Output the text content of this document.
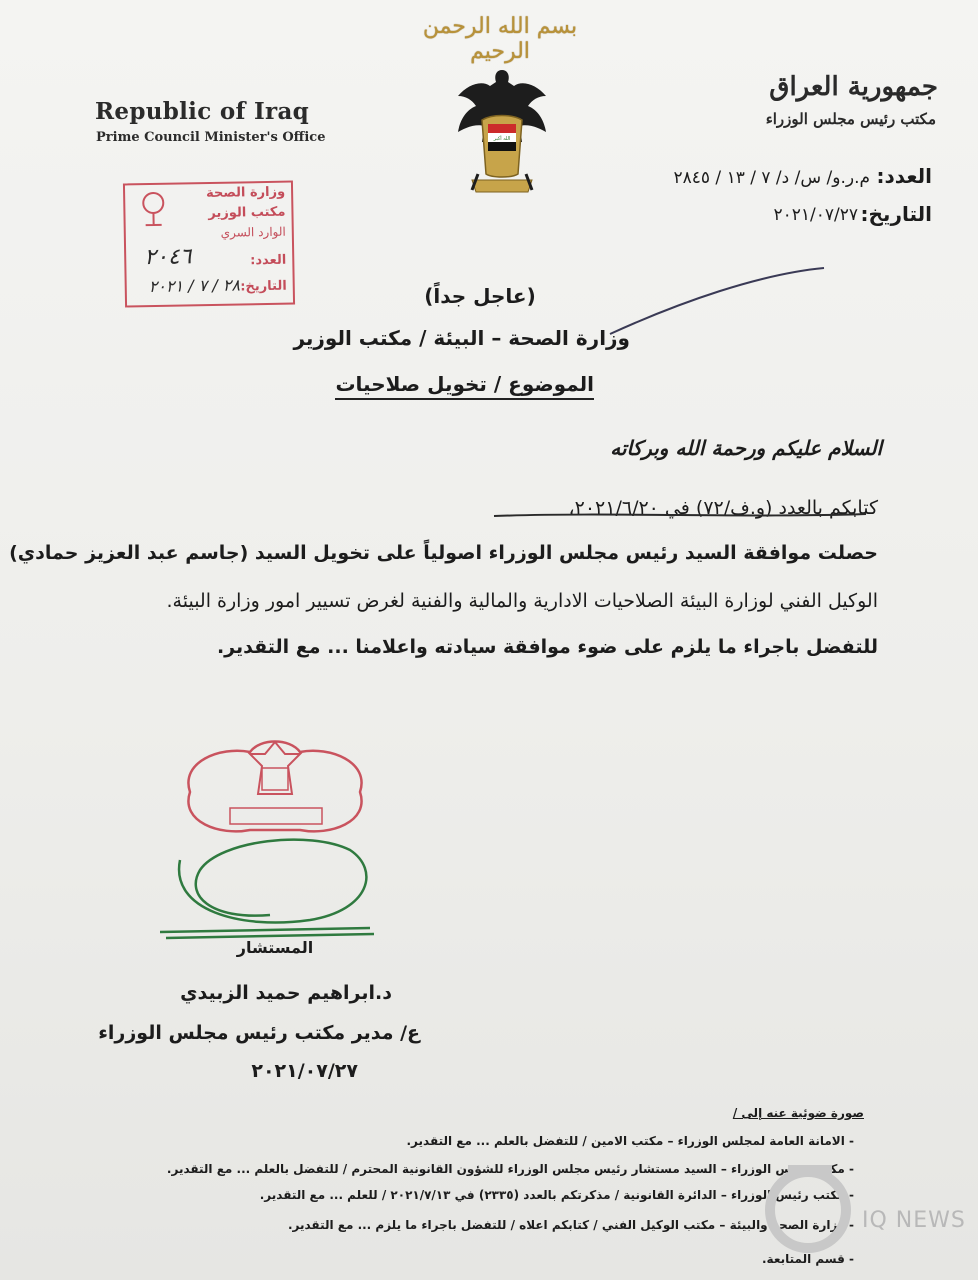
بسم الله الرحمن الرحيم
Republic of Iraq
Prime Council Minister's Office
جمهورية العراق
مكتب رئيس مجلس الوزراء
الله أكبر
العدد:
م.ر.و/ س/ د/ ٧ / ١٣ / ٢٨٤٥
التاريخ:
٢٠٢١/٠٧/٢٧
وزارة الصحة
مكتب الوزير
الوارد السري
العدد:
التاريخ:
٢٠٤٦
٢٨ / ٧ / ٢٠٢١	(عاجل جداً)
وزارة الصحة – البيئة / مكتب الوزير
الموضوع / تخويل صلاحيات
السلام عليكم ورحمة الله وبركاته
كتابكم بالعدد (و.ف/٧٢) في ٢٠٢١/٦/٢٠،
حصلت موافقة السيد رئيس مجلس الوزراء اصولياً على تخويل السيد (جاسم عبد العزيز حمادي)
الوكيل الفني لوزارة البيئة الصلاحيات الادارية والمالية والفنية لغرض تسيير امور وزارة البيئة.
للتفضل باجراء ما يلزم على ضوء موافقة سيادته واعلامنا ... مع التقدير.
المستشار
د.ابراهيم حميد الزبيدي
ع/ مدير مكتب رئيس مجلس الوزراء
٢٠٢١/٠٧/٢٧
صورة ضوئية عنه إلى /
- الامانة العامة لمجلس الوزراء – مكتب الامين / للتفضل بالعلم ... مع التقدير.
- مكتب رئيس الوزراء – السيد مستشار رئيس مجلس الوزراء للشؤون القانونية المحترم / للتفضل بالعلم ... مع التقدير.
- مكتب رئيس الوزراء – الدائرة القانونية / مذكرتكم بالعدد (٢٣٣٥) في ٢٠٢١/٧/١٣ / للعلم ... مع التقدير.
- وزارة الصحة والبيئة – مكتب الوكيل الفني / كتابكم اعلاه / للتفضل باجراء ما يلزم ... مع التقدير.
- قسم المتابعة.
IQ NEWS
